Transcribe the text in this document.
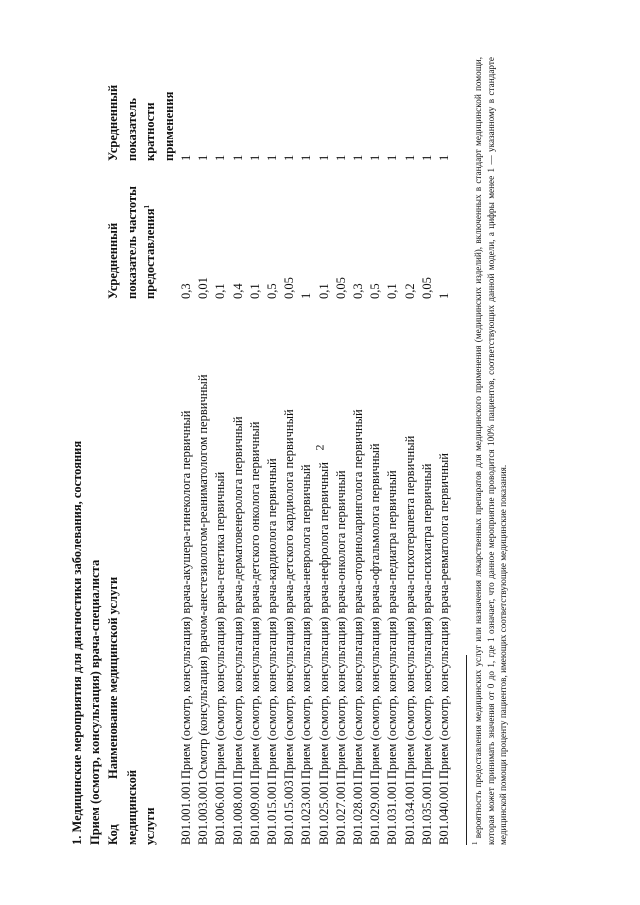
2
1. Медицинские мероприятия для диагностики заболевания, состояния Прием (осмотр, консультация) врача-специалиста Код медицинской услуги	Наименование медицинской услуги	Усредненный показатель частоты предоставления$^1$	Усредненный показатель кратности применения
B01.001.001	Прием (осмотр, консультация) врача-акушера-гинеколога первичный	0,3	1
B01.003.001	Осмотр (консультация) врачом-анестезиологом-реаниматологом первичный	0,01	1
B01.006.001	Прием (осмотр, консультация) врача-генетика первичный	0,1	1
B01.008.001	Прием (осмотр, консультация) врача-дерматовенеролога первичный	0,4	1
B01.009.001	Прием (осмотр, консультация) врача-детского онколога первичный	0,1	1
B01.015.001	Прием (осмотр, консультация) врача-кардиолога первичный	0,5	1
B01.015.003	Прием (осмотр, консультация) врача-детского кардиолога первичный	0,05	1
B01.023.001	Прием (осмотр, консультация) врача-невролога первичный	1	1
B01.025.001	Прием (осмотр, консультация) врача-нефролога первичный	0,1	1
B01.027.001	Прием (осмотр, консультация) врача-онколога первичный	0,05	1
B01.028.001	Прием (осмотр, консультация) врача-оториноларинголога первичный	0,3	1
B01.029.001	Прием (осмотр, консультация) врача-офтальмолога первичный	0,5	1
B01.031.001	Прием (осмотр, консультация) врача-педиатра первичный	0,1	1
B01.034.001	Прием (осмотр, консультация) врача-психотерапевта первичный	0,2	1
B01.035.001	Прием (осмотр, консультация) врача-психиатра первичный	0,05	1
B01.040.001	Прием (осмотр, консультация) врача-ревматолога первичный	1	1
$^1$ вероятность предоставления медицинских услуг или назначения лекарственных препаратов для медицинского применения (медицинских изделий), включенных в стандарт медицинской помощи, которая может принимать значения от 0 до 1, где 1 означает, что данное мероприятие проводится 100% пациентов, соответствующих данной модели, а цифры менее 1 — указанному в стандарте медицинской помощи проценту пациентов, имеющих соответствующие медицинские показания.
